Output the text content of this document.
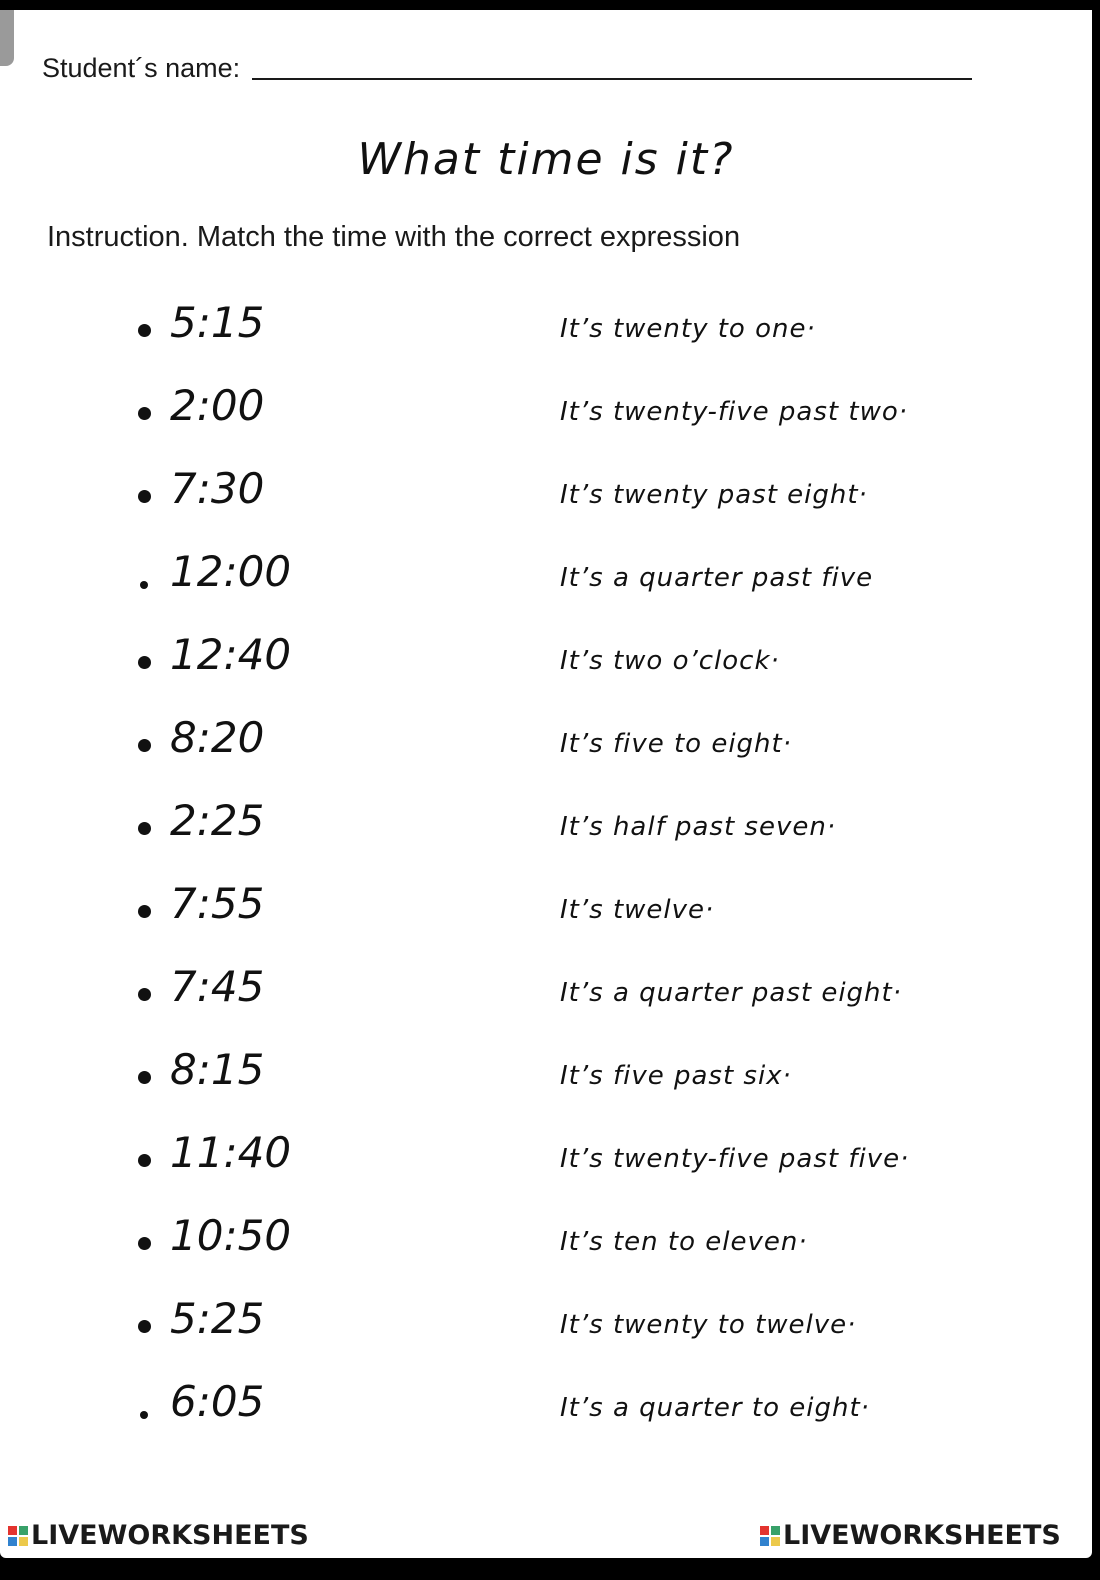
Student´s name:
What time is it?
Instruction. Match the time with the correct expression
5:15	It’s twenty to one·
2:00	It’s twenty-five past two·
7:30	It’s twenty past eight·
12:00	It’s a quarter past five
12:40	It’s two o’clock·
8:20	It’s five to eight·
2:25	It’s half past seven·
7:55	It’s twelve·
7:45	It’s a quarter past eight·
8:15	It’s five past six·
11:40	It’s twenty-five past five·
10:50	It’s ten to eleven·
5:25	It’s twenty to twelve·
6:05	It’s a quarter to eight·
LIVEWORKSHEETS	LIVEWORKSHEETS
